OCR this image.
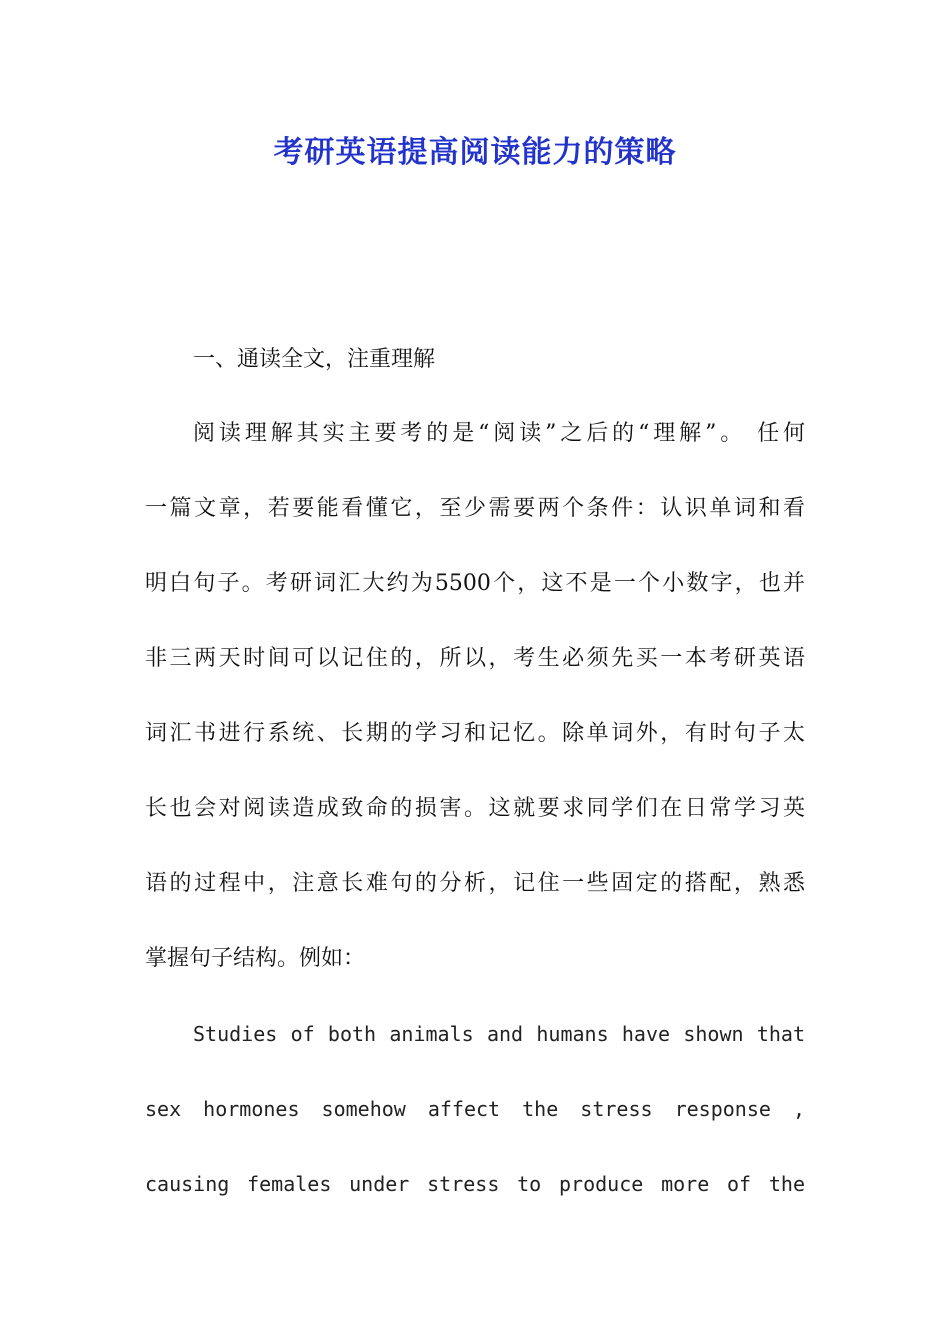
考研英语提高阅读能力的策略
一、通读全文，注重理解
阅读理解其实主要考的是“阅读”之后的“理解”。 任何
一篇文章，若要能看懂它，至少需要两个条件：认识单词和看
明白句子。考研词汇大约为5500个，这不是一个小数字，也并
非三两天时间可以记住的，所以，考生必须先买一本考研英语
词汇书进行系统、长期的学习和记忆。除单词外，有时句子太
长也会对阅读造成致命的损害。这就要求同学们在日常学习英
语的过程中，注意长难句的分析，记住一些固定的搭配，熟悉
掌握句子结构。例如：
Studies of both animals and humans have shown that
sex hormones somehow affect the stress response ,
causing females under stress to produce more of the
